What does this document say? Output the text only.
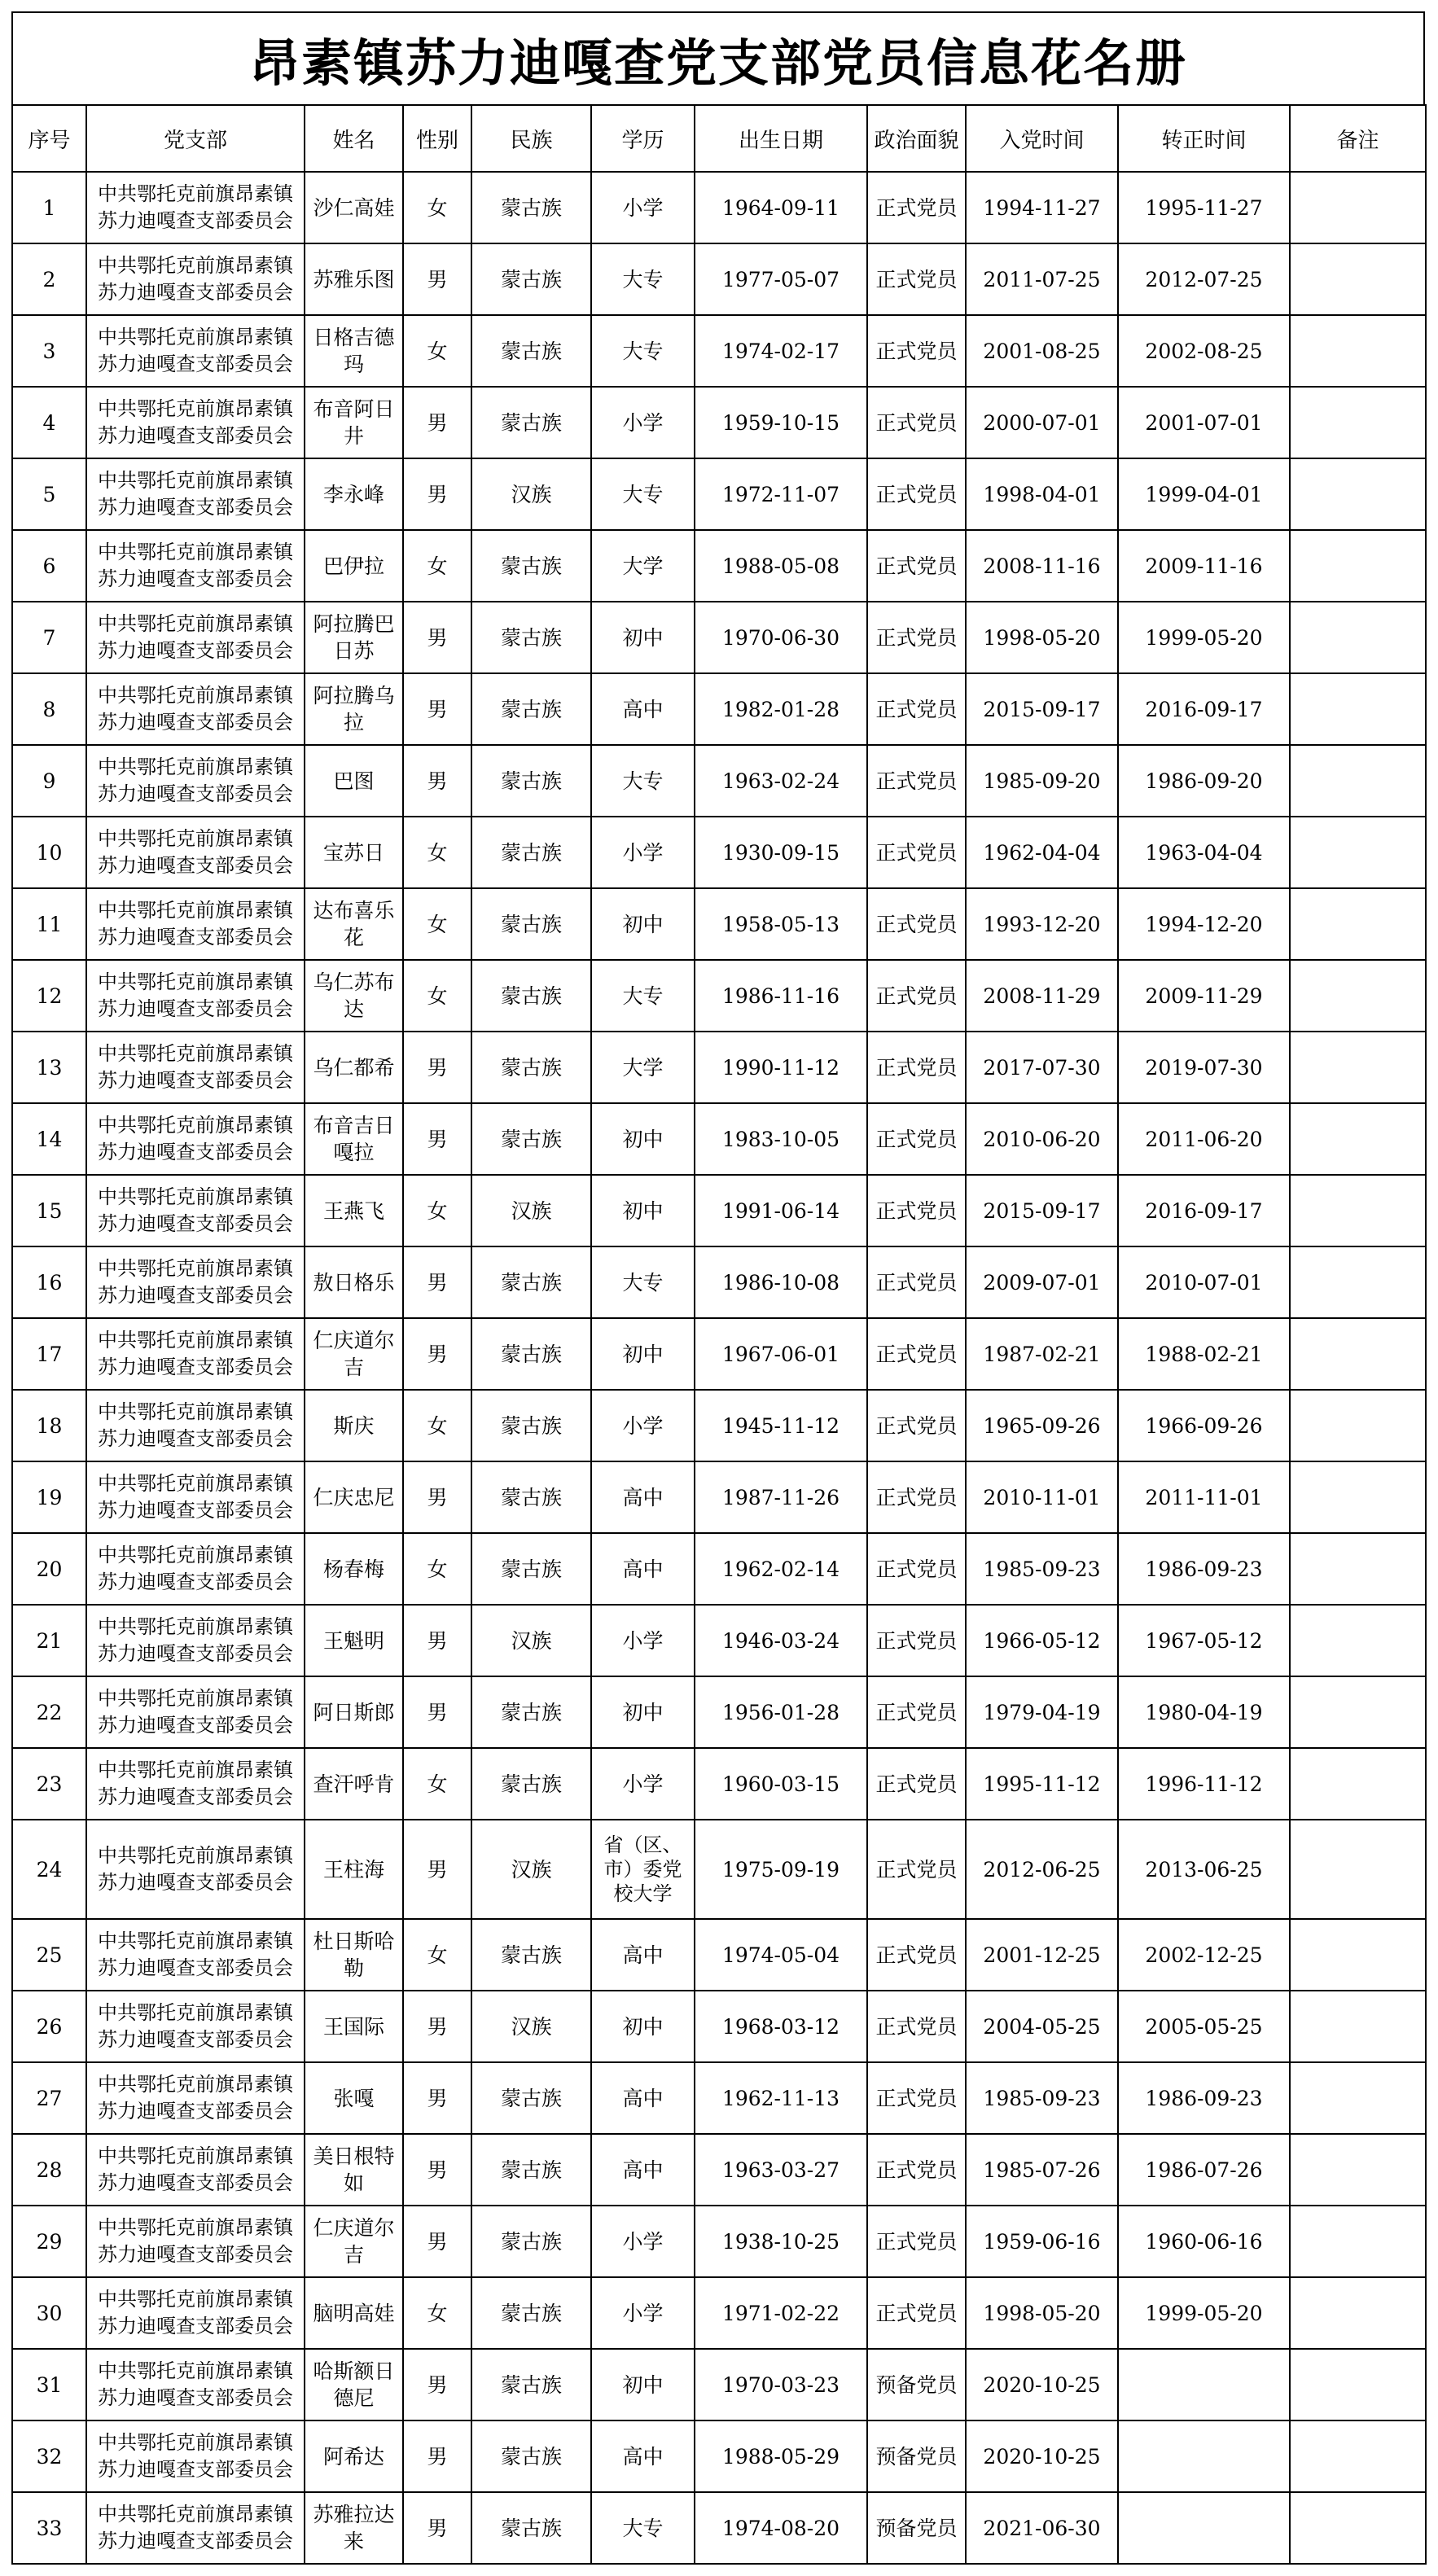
昂素镇苏力迪嘎查党支部党员信息花名册
序号	党支部	姓名	性别	民族	学历	出生日期	政治面貌	入党时间	转正时间	备注
1	中共鄂托克前旗昂素镇苏力迪嘎查支部委员会	沙仁高娃	女	蒙古族	小学	1964-09-11	正式党员	1994-11-27	1995-11-27	
2	中共鄂托克前旗昂素镇苏力迪嘎查支部委员会	苏雅乐图	男	蒙古族	大专	1977-05-07	正式党员	2011-07-25	2012-07-25	
3	中共鄂托克前旗昂素镇苏力迪嘎查支部委员会	日格吉德玛	女	蒙古族	大专	1974-02-17	正式党员	2001-08-25	2002-08-25	
4	中共鄂托克前旗昂素镇苏力迪嘎查支部委员会	布音阿日井	男	蒙古族	小学	1959-10-15	正式党员	2000-07-01	2001-07-01	
5	中共鄂托克前旗昂素镇苏力迪嘎查支部委员会	李永峰	男	汉族	大专	1972-11-07	正式党员	1998-04-01	1999-04-01	
6	中共鄂托克前旗昂素镇苏力迪嘎查支部委员会	巴伊拉	女	蒙古族	大学	1988-05-08	正式党员	2008-11-16	2009-11-16	
7	中共鄂托克前旗昂素镇苏力迪嘎查支部委员会	阿拉腾巴日苏	男	蒙古族	初中	1970-06-30	正式党员	1998-05-20	1999-05-20	
8	中共鄂托克前旗昂素镇苏力迪嘎查支部委员会	阿拉腾乌拉	男	蒙古族	高中	1982-01-28	正式党员	2015-09-17	2016-09-17	
9	中共鄂托克前旗昂素镇苏力迪嘎查支部委员会	巴图	男	蒙古族	大专	1963-02-24	正式党员	1985-09-20	1986-09-20	
10	中共鄂托克前旗昂素镇苏力迪嘎查支部委员会	宝苏日	女	蒙古族	小学	1930-09-15	正式党员	1962-04-04	1963-04-04	
11	中共鄂托克前旗昂素镇苏力迪嘎查支部委员会	达布喜乐花	女	蒙古族	初中	1958-05-13	正式党员	1993-12-20	1994-12-20	
12	中共鄂托克前旗昂素镇苏力迪嘎查支部委员会	乌仁苏布达	女	蒙古族	大专	1986-11-16	正式党员	2008-11-29	2009-11-29	
13	中共鄂托克前旗昂素镇苏力迪嘎查支部委员会	乌仁都希	男	蒙古族	大学	1990-11-12	正式党员	2017-07-30	2019-07-30	
14	中共鄂托克前旗昂素镇苏力迪嘎查支部委员会	布音吉日嘎拉	男	蒙古族	初中	1983-10-05	正式党员	2010-06-20	2011-06-20	
15	中共鄂托克前旗昂素镇苏力迪嘎查支部委员会	王燕飞	女	汉族	初中	1991-06-14	正式党员	2015-09-17	2016-09-17	
16	中共鄂托克前旗昂素镇苏力迪嘎查支部委员会	敖日格乐	男	蒙古族	大专	1986-10-08	正式党员	2009-07-01	2010-07-01	
17	中共鄂托克前旗昂素镇苏力迪嘎查支部委员会	仁庆道尔吉	男	蒙古族	初中	1967-06-01	正式党员	1987-02-21	1988-02-21	
18	中共鄂托克前旗昂素镇苏力迪嘎查支部委员会	斯庆	女	蒙古族	小学	1945-11-12	正式党员	1965-09-26	1966-09-26	
19	中共鄂托克前旗昂素镇苏力迪嘎查支部委员会	仁庆忠尼	男	蒙古族	高中	1987-11-26	正式党员	2010-11-01	2011-11-01	
20	中共鄂托克前旗昂素镇苏力迪嘎查支部委员会	杨春梅	女	蒙古族	高中	1962-02-14	正式党员	1985-09-23	1986-09-23	
21	中共鄂托克前旗昂素镇苏力迪嘎查支部委员会	王魁明	男	汉族	小学	1946-03-24	正式党员	1966-05-12	1967-05-12	
22	中共鄂托克前旗昂素镇苏力迪嘎查支部委员会	阿日斯郎	男	蒙古族	初中	1956-01-28	正式党员	1979-04-19	1980-04-19	
23	中共鄂托克前旗昂素镇苏力迪嘎查支部委员会	查汗呼肯	女	蒙古族	小学	1960-03-15	正式党员	1995-11-12	1996-11-12	
24	中共鄂托克前旗昂素镇苏力迪嘎查支部委员会	王柱海	男	汉族	省（区、市）委党校大学	1975-09-19	正式党员	2012-06-25	2013-06-25	
25	中共鄂托克前旗昂素镇苏力迪嘎查支部委员会	杜日斯哈勒	女	蒙古族	高中	1974-05-04	正式党员	2001-12-25	2002-12-25	
26	中共鄂托克前旗昂素镇苏力迪嘎查支部委员会	王国际	男	汉族	初中	1968-03-12	正式党员	2004-05-25	2005-05-25	
27	中共鄂托克前旗昂素镇苏力迪嘎查支部委员会	张嘎	男	蒙古族	高中	1962-11-13	正式党员	1985-09-23	1986-09-23	
28	中共鄂托克前旗昂素镇苏力迪嘎查支部委员会	美日根特如	男	蒙古族	高中	1963-03-27	正式党员	1985-07-26	1986-07-26	
29	中共鄂托克前旗昂素镇苏力迪嘎查支部委员会	仁庆道尔吉	男	蒙古族	小学	1938-10-25	正式党员	1959-06-16	1960-06-16	
30	中共鄂托克前旗昂素镇苏力迪嘎查支部委员会	脑明高娃	女	蒙古族	小学	1971-02-22	正式党员	1998-05-20	1999-05-20	
31	中共鄂托克前旗昂素镇苏力迪嘎查支部委员会	哈斯额日德尼	男	蒙古族	初中	1970-03-23	预备党员	2020-10-25		
32	中共鄂托克前旗昂素镇苏力迪嘎查支部委员会	阿希达	男	蒙古族	高中	1988-05-29	预备党员	2020-10-25		
33	中共鄂托克前旗昂素镇苏力迪嘎查支部委员会	苏雅拉达来	男	蒙古族	大专	1974-08-20	预备党员	2021-06-30		
